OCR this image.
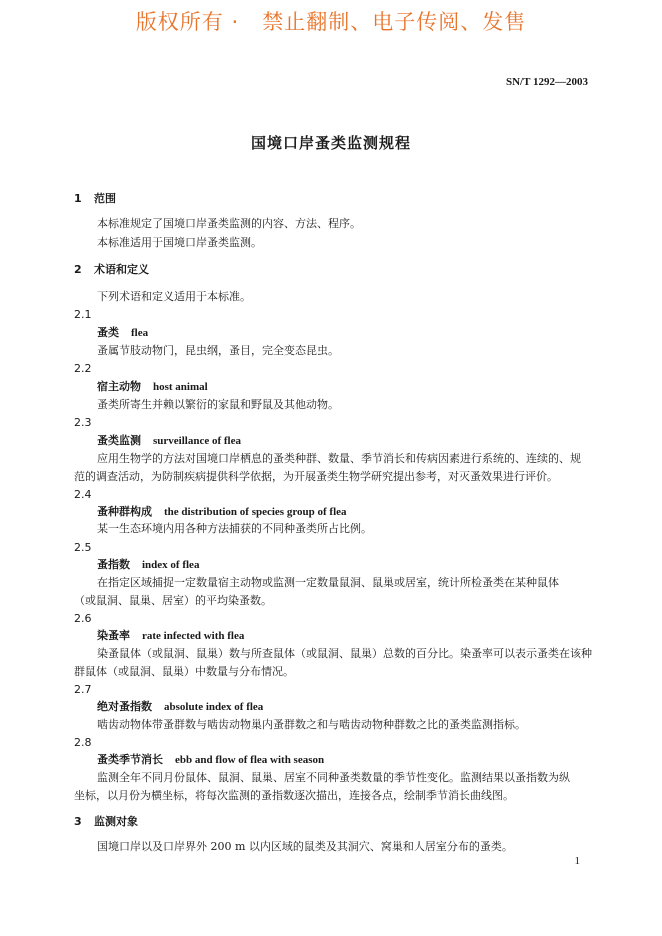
版权所有 ·   禁止翻制、电子传阅、发售
SN/T 1292—2003
国境口岸蚤类监测规程
1 范围
本标准规定了国境口岸蚤类监测的内容、方法、程序。
本标准适用于国境口岸蚤类监测。
2 术语和定义
下列术语和定义适用于本标准。
2.1
蚤类 flea
蚤属节肢动物门，昆虫纲，蚤目，完全变态昆虫。
2.2
宿主动物 host animal
蚤类所寄生并赖以繁衍的家鼠和野鼠及其他动物。
2.3
蚤类监测 surveillance of flea
应用生物学的方法对国境口岸栖息的蚤类种群、数量、季节消长和传病因素进行系统的、连续的、规
范的调查活动，为防制疾病提供科学依据，为开展蚤类生物学研究提出参考，对灭蚤效果进行评价。
2.4
蚤种群构成 the distribution of species group of flea
某一生态环境内用各种方法捕获的不同种蚤类所占比例。
2.5
蚤指数 index of flea
在指定区域捕捉一定数量宿主动物或监测一定数量鼠洞、鼠巢或居室，统计所检蚤类在某种鼠体
（或鼠洞、鼠巢、居室）的平均染蚤数。
2.6
染蚤率 rate infected with flea
染蚤鼠体（或鼠洞、鼠巢）数与所查鼠体（或鼠洞、鼠巢）总数的百分比。染蚤率可以表示蚤类在该种
群鼠体（或鼠洞、鼠巢）中数量与分布情况。
2.7
绝对蚤指数 absolute index of flea
啮齿动物体带蚤群数与啮齿动物巢内蚤群数之和与啮齿动物种群数之比的蚤类监测指标。
2.8
蚤类季节消长 ebb and flow of flea with season
监测全年不同月份鼠体、鼠洞、鼠巢、居室不同种蚤类数量的季节性变化。监测结果以蚤指数为纵
坐标，以月份为横坐标，将每次监测的蚤指数逐次描出，连接各点，绘制季节消长曲线图。
3 监测对象
国境口岸以及口岸界外 200 m 以内区域的鼠类及其洞穴、窝巢和人居室分布的蚤类。
1
